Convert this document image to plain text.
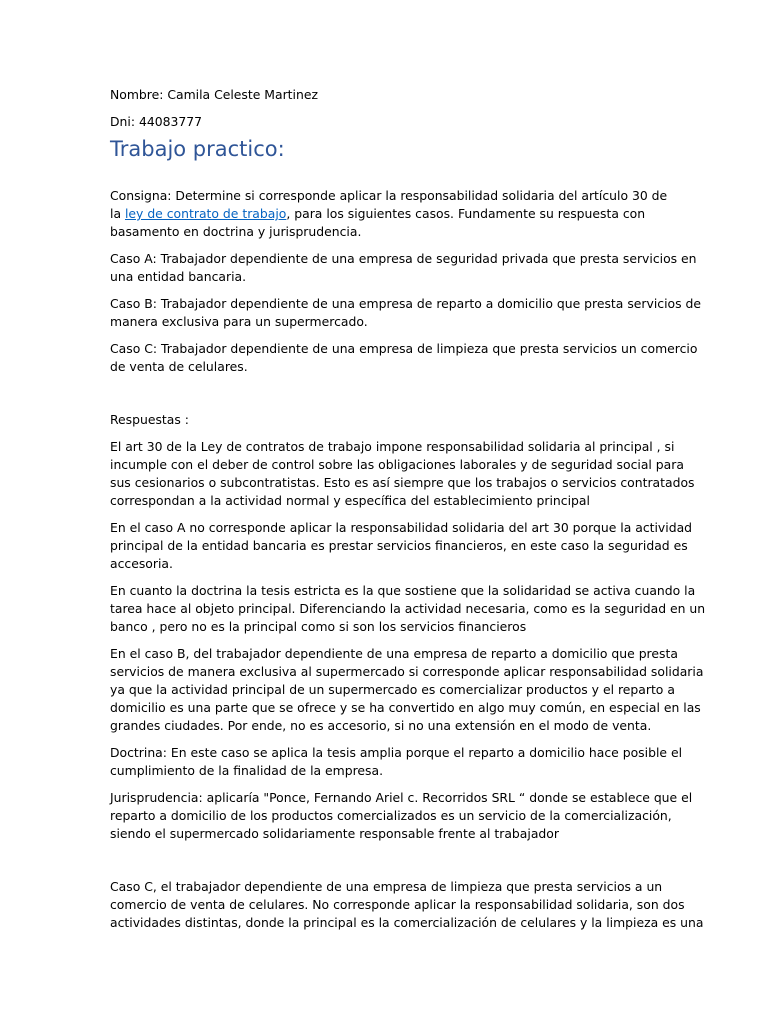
Nombre: Camila Celeste Martinez

Dni: 44083777

Trabajo practico:
Consigna: Determine si corresponde aplicar la responsabilidad solidaria del artículo 30 de
la ley de contrato de trabajo, para los siguientes casos. Fundamente su respuesta con
basamento en doctrina y jurisprudencia.
Caso A: Trabajador dependiente de una empresa de seguridad privada que presta servicios en
una entidad bancaria.
Caso B: Trabajador dependiente de una empresa de reparto a domicilio que presta servicios de
manera exclusiva para un supermercado.
Caso C: Trabajador dependiente de una empresa de limpieza que presta servicios un comercio
de venta de celulares.

Respuestas :

El art 30 de la Ley de contratos de trabajo impone responsabilidad solidaria al principal , si
incumple con el deber de control sobre las obligaciones laborales y de seguridad social para
sus cesionarios o subcontratistas. Esto es así siempre que los trabajos o servicios contratados
correspondan a la actividad normal y específica del establecimiento principal
En el caso A no corresponde aplicar la responsabilidad solidaria del art 30 porque la actividad
principal de la entidad bancaria es prestar servicios financieros, en este caso la seguridad es
accesoria.
En cuanto la doctrina la tesis estricta es la que sostiene que la solidaridad se activa cuando la
tarea hace al objeto principal. Diferenciando la actividad necesaria, como es la seguridad en un
banco , pero no es la principal como si son los servicios financieros
En el caso B, del trabajador dependiente de una empresa de reparto a domicilio que presta
servicios de manera exclusiva al supermercado si corresponde aplicar responsabilidad solidaria
ya que la actividad principal de un supermercado es comercializar productos y el reparto a
domicilio es una parte que se ofrece y se ha convertido en algo muy común, en especial en las
grandes ciudades. Por ende, no es accesorio, si no una extensión en el modo de venta.
Doctrina: En este caso se aplica la tesis amplia porque el reparto a domicilio hace posible el
cumplimiento de la finalidad de la empresa.
Jurisprudencia: aplicaría "Ponce, Fernando Ariel c. Recorridos SRL “ donde se establece que el
reparto a domicilio de los productos comercializados es un servicio de la comercialización,
siendo el supermercado solidariamente responsable frente al trabajador
Caso C, el trabajador dependiente de una empresa de limpieza que presta servicios a un
comercio de venta de celulares. No corresponde aplicar la responsabilidad solidaria, son dos
actividades distintas, donde la principal es la comercialización de celulares y la limpieza es una
